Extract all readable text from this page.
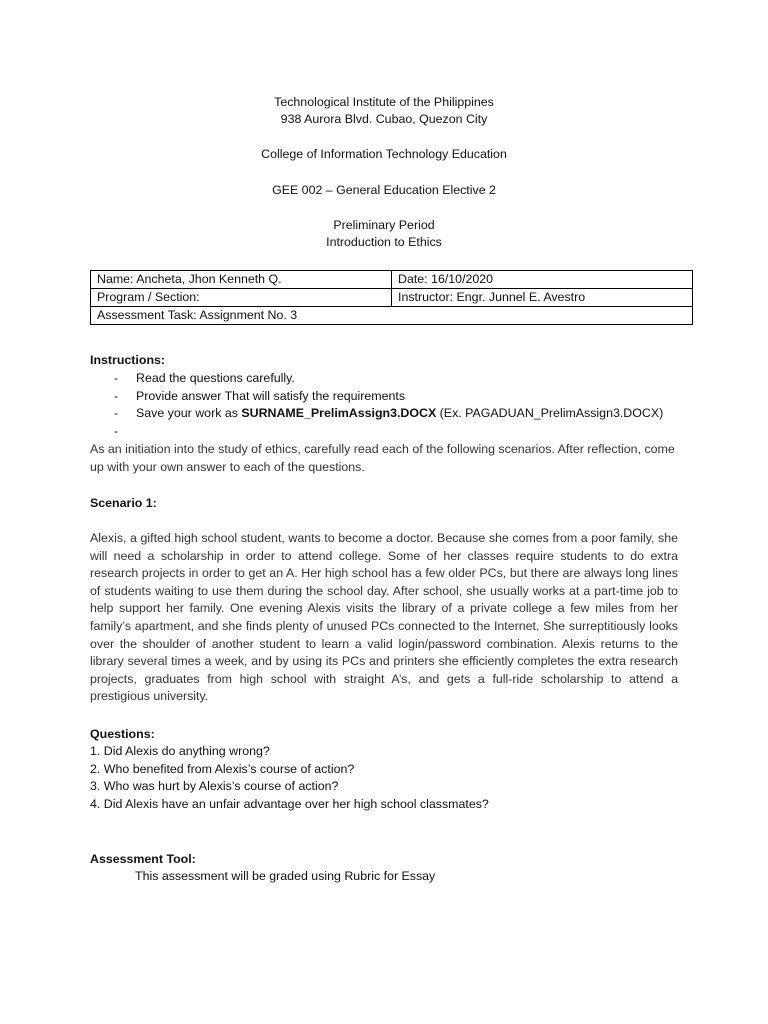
Technological Institute of the Philippines
938 Aurora Blvd. Cubao, Quezon City
College of Information Technology Education
GEE 002 – General Education Elective 2
Preliminary Period
Introduction to Ethics
Name: Ancheta, Jhon Kenneth Q.	Date: 16/10/2020
Program / Section:	Instructor: Engr. Junnel E. Avestro
Assessment Task: Assignment No. 3	
Instructions:
- Read the questions carefully.
- Provide answer That will satisfy the requirements
- Save your work as SURNAME_PrelimAssign3.DOCX (Ex. PAGADUAN_PrelimAssign3.DOCX)
-
As an initiation into the study of ethics, carefully read each of the following scenarios. After reflection, come up with your own answer to each of the questions.
Scenario 1:
Alexis, a gifted high school student, wants to become a doctor. Because she comes from a poor family, she will need a scholarship in order to attend college. Some of her classes require students to do extra research projects in order to get an A. Her high school has a few older PCs, but there are always long lines of students waiting to use them during the school day. After school, she usually works at a part-time job to help support her family. One evening Alexis visits the library of a private college a few miles from her family’s apartment, and she finds plenty of unused PCs connected to the Internet. She surreptitiously looks over the shoulder of another student to learn a valid login/password combination. Alexis returns to the library several times a week, and by using its PCs and printers she efficiently completes the extra research projects, graduates from high school with straight A’s, and gets a full-ride scholarship to attend a prestigious university.
Questions:
1. Did Alexis do anything wrong?
2. Who benefited from Alexis’s course of action?
3. Who was hurt by Alexis’s course of action?
4. Did Alexis have an unfair advantage over her high school classmates?
Assessment Tool:
This assessment will be graded using Rubric for Essay
